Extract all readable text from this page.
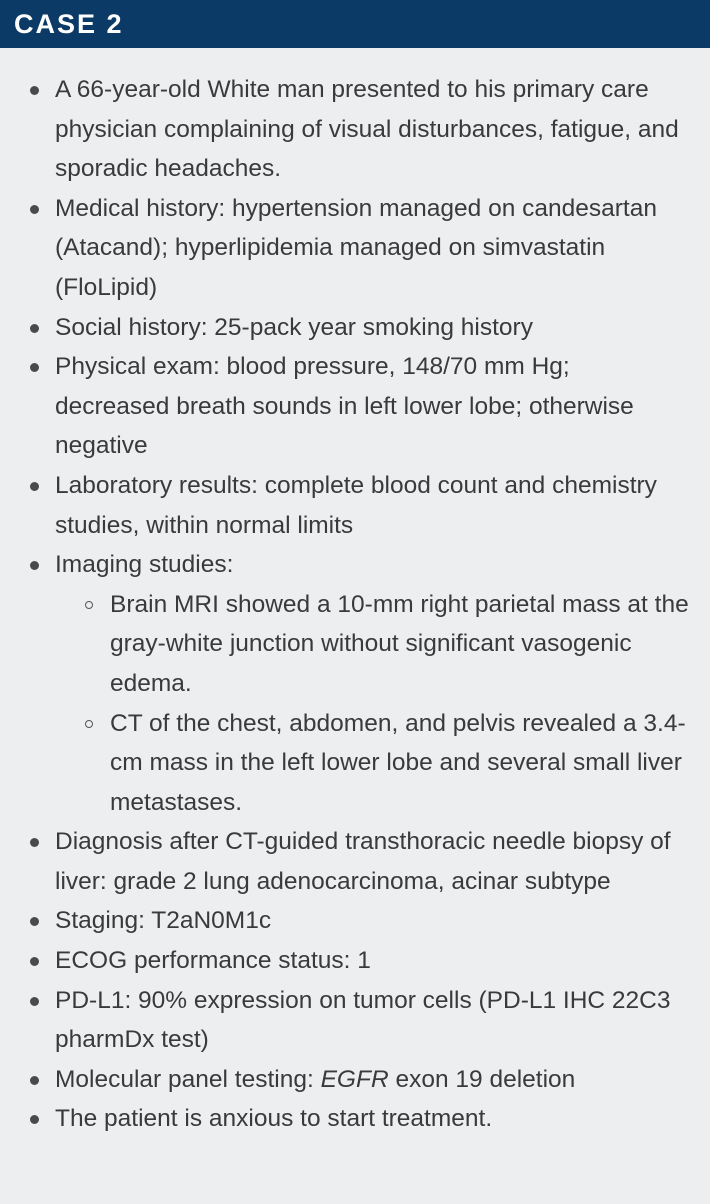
CASE 2
A 66-year-old White man presented to his primary care physician complaining of visual disturbances, fatigue, and sporadic headaches.
Medical history: hypertension managed on candesartan (Atacand); hyperlipidemia managed on simvastatin (FloLipid)
Social history: 25-pack year smoking history
Physical exam: blood pressure, 148/70 mm Hg; decreased breath sounds in left lower lobe; otherwise negative
Laboratory results: complete blood count and chemistry studies, within normal limits
Imaging studies:
Brain MRI showed a 10-mm right parietal mass at the gray-white junction without significant vasogenic edema.
CT of the chest, abdomen, and pelvis revealed a 3.4-cm mass in the left lower lobe and several small liver metastases.
Diagnosis after CT-guided transthoracic needle biopsy of liver: grade 2 lung adenocarcinoma, acinar subtype
Staging: T2aN0M1c
ECOG performance status: 1
PD-L1: 90% expression on tumor cells (PD-L1 IHC 22C3 pharmDx test)
Molecular panel testing: EGFR exon 19 deletion
The patient is anxious to start treatment.
